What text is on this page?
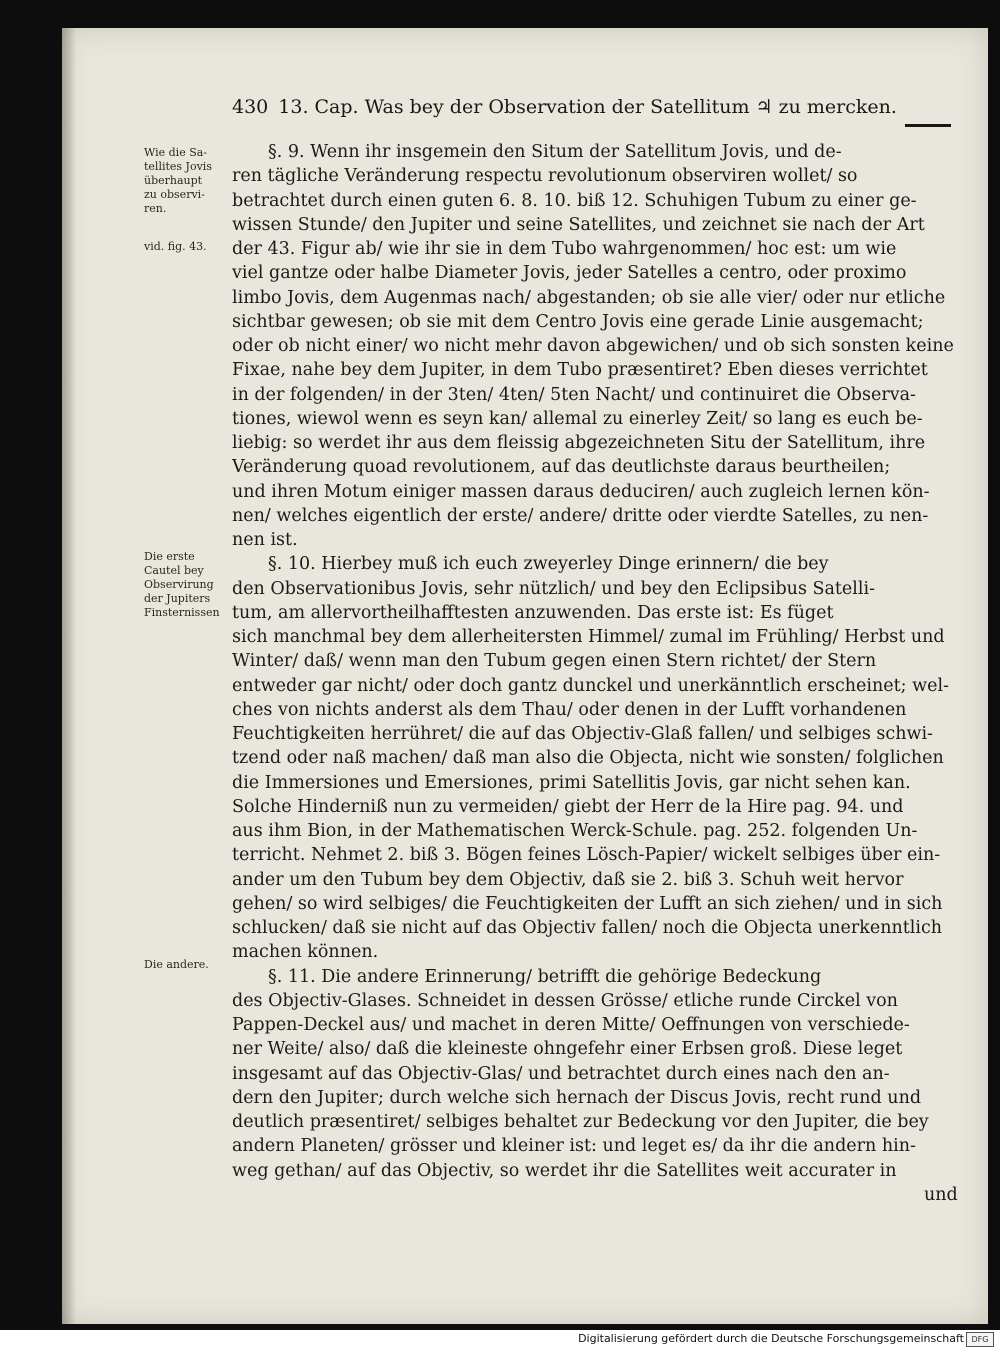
430 13. Cap. Was bey der Observation der Satellitum ♃ zu mercken.
Wie die Sa-
tellites Jovis
überhaupt
zu observi-
ren.
vid. fig. 43.
Die erste
Cautel bey
Observirung
der Jupiters
Finsternissen
Die andere.
§. 9. Wenn ihr insgemein den Situm der Satellitum Jovis, und de-
ren tägliche Veränderung respectu revolutionum observiren wollet/ so
betrachtet durch einen guten 6. 8. 10. biß 12. Schuhigen Tubum zu einer ge-
wissen Stunde/ den Jupiter und seine Satellites, und zeichnet sie nach der Art
der 43. Figur ab/ wie ihr sie in dem Tubo wahrgenommen/ hoc est: um wie
viel gantze oder halbe Diameter Jovis, jeder Satelles a centro, oder proximo
limbo Jovis, dem Augenmas nach/ abgestanden; ob sie alle vier/ oder nur etliche
sichtbar gewesen; ob sie mit dem Centro Jovis eine gerade Linie ausgemacht;
oder ob nicht einer/ wo nicht mehr davon abgewichen/ und ob sich sonsten keine
Fixae, nahe bey dem Jupiter, in dem Tubo præsentiret? Eben dieses verrichtet
in der folgenden/ in der 3ten/ 4ten/ 5ten Nacht/ und continuiret die Observa-
tiones, wiewol wenn es seyn kan/ allemal zu einerley Zeit/ so lang es euch be-
liebig: so werdet ihr aus dem fleissig abgezeichneten Situ der Satellitum, ihre
Veränderung quoad revolutionem, auf das deutlichste daraus beurtheilen;
und ihren Motum einiger massen daraus deduciren/ auch zugleich lernen kön-
nen/ welches eigentlich der erste/ andere/ dritte oder vierdte Satelles, zu nen-
nen ist.
§. 10. Hierbey muß ich euch zweyerley Dinge erinnern/ die bey
den Observationibus Jovis, sehr nützlich/ und bey den Eclipsibus Satelli-
tum, am allervortheilhafftesten anzuwenden. Das erste ist: Es füget
sich manchmal bey dem allerheitersten Himmel/ zumal im Frühling/ Herbst und
Winter/ daß/ wenn man den Tubum gegen einen Stern richtet/ der Stern
entweder gar nicht/ oder doch gantz dunckel und unerkänntlich erscheinet; wel-
ches von nichts anderst als dem Thau/ oder denen in der Lufft vorhandenen
Feuchtigkeiten herrühret/ die auf das Objectiv-Glaß fallen/ und selbiges schwi-
tzend oder naß machen/ daß man also die Objecta, nicht wie sonsten/ folglichen
die Immersiones und Emersiones, primi Satellitis Jovis, gar nicht sehen kan.
Solche Hinderniß nun zu vermeiden/ giebt der Herr de la Hire pag. 94. und
aus ihm Bion, in der Mathematischen Werck-Schule. pag. 252. folgenden Un-
terricht. Nehmet 2. biß 3. Bögen feines Lösch-Papier/ wickelt selbiges über ein-
ander um den Tubum bey dem Objectiv, daß sie 2. biß 3. Schuh weit hervor
gehen/ so wird selbiges/ die Feuchtigkeiten der Lufft an sich ziehen/ und in sich
schlucken/ daß sie nicht auf das Objectiv fallen/ noch die Objecta unerkenntlich
machen können.
§. 11. Die andere Erinnerung/ betrifft die gehörige Bedeckung
des Objectiv-Glases. Schneidet in dessen Grösse/ etliche runde Circkel von
Pappen-Deckel aus/ und machet in deren Mitte/ Oeffnungen von verschiede-
ner Weite/ also/ daß die kleineste ohngefehr einer Erbsen groß. Diese leget
insgesamt auf das Objectiv-Glas/ und betrachtet durch eines nach den an-
dern den Jupiter; durch welche sich hernach der Discus Jovis, recht rund und
deutlich præsentiret/ selbiges behaltet zur Bedeckung vor den Jupiter, die bey
andern Planeten/ grösser und kleiner ist: und leget es/ da ihr die andern hin-
weg gethan/ auf das Objectiv, so werdet ihr die Satellites weit accurater in
und
Digitalisierung gefördert durch die Deutsche Forschungsgemeinschaft DFG
